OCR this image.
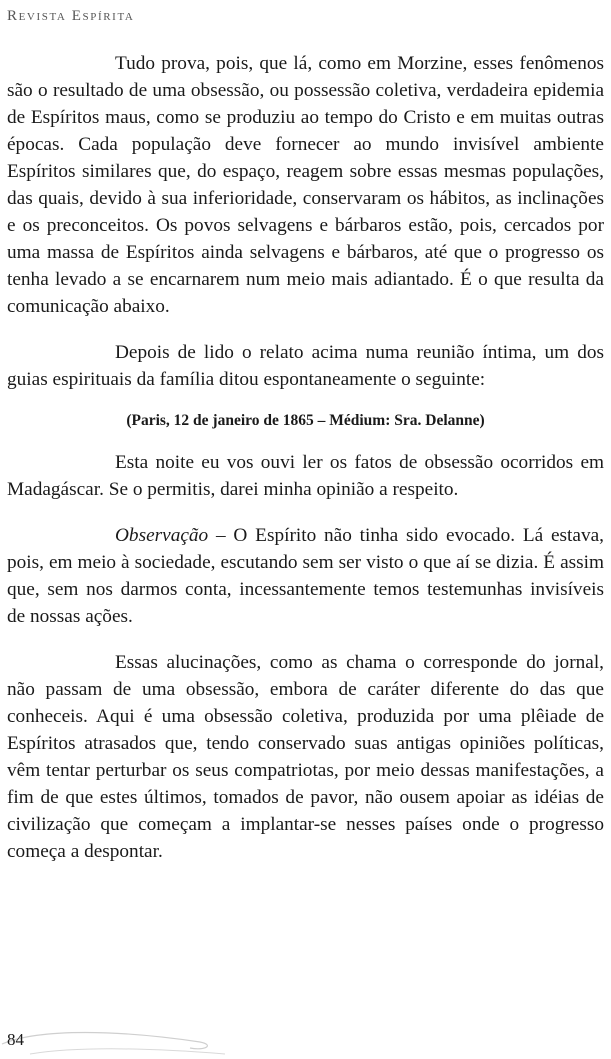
Revista Espírita

Tudo prova, pois, que lá, como em Morzine, esses fenômenos são o resultado de uma obsessão, ou possessão coletiva, verdadeira epidemia de Espíritos maus, como se produziu ao tempo do Cristo e em muitas outras épocas. Cada população deve fornecer ao mundo invisível ambiente Espíritos similares que, do espaço, reagem sobre essas mesmas populações, das quais, devido à sua inferioridade, conservaram os hábitos, as inclinações e os preconceitos. Os povos selvagens e bárbaros estão, pois, cercados por uma massa de Espíritos ainda selvagens e bárbaros, até que o progresso os tenha levado a se encarnarem num meio mais adiantado. É o que resulta da comunicação abaixo.

Depois de lido o relato acima numa reunião íntima, um dos guias espirituais da família ditou espontaneamente o seguinte:

(Paris, 12 de janeiro de 1865 – Médium: Sra. Delanne)

Esta noite eu vos ouvi ler os fatos de obsessão ocorridos em Madagáscar. Se o permitis, darei minha opinião a respeito.

Observação – O Espírito não tinha sido evocado. Lá estava, pois, em meio à sociedade, escutando sem ser visto o que aí se dizia. É assim que, sem nos darmos conta, incessantemente temos testemunhas invisíveis de nossas ações.

Essas alucinações, como as chama o corresponde do jornal, não passam de uma obsessão, embora de caráter diferente do das que conheceis. Aqui é uma obsessão coletiva, produzida por uma plêiade de Espíritos atrasados que, tendo conservado suas antigas opiniões políticas, vêm tentar perturbar os seus compatriotas, por meio dessas manifestações, a fim de que estes últimos, tomados de pavor, não ousem apoiar as idéias de civilização que começam a implantar-se nesses países onde o progresso começa a despontar.

84
